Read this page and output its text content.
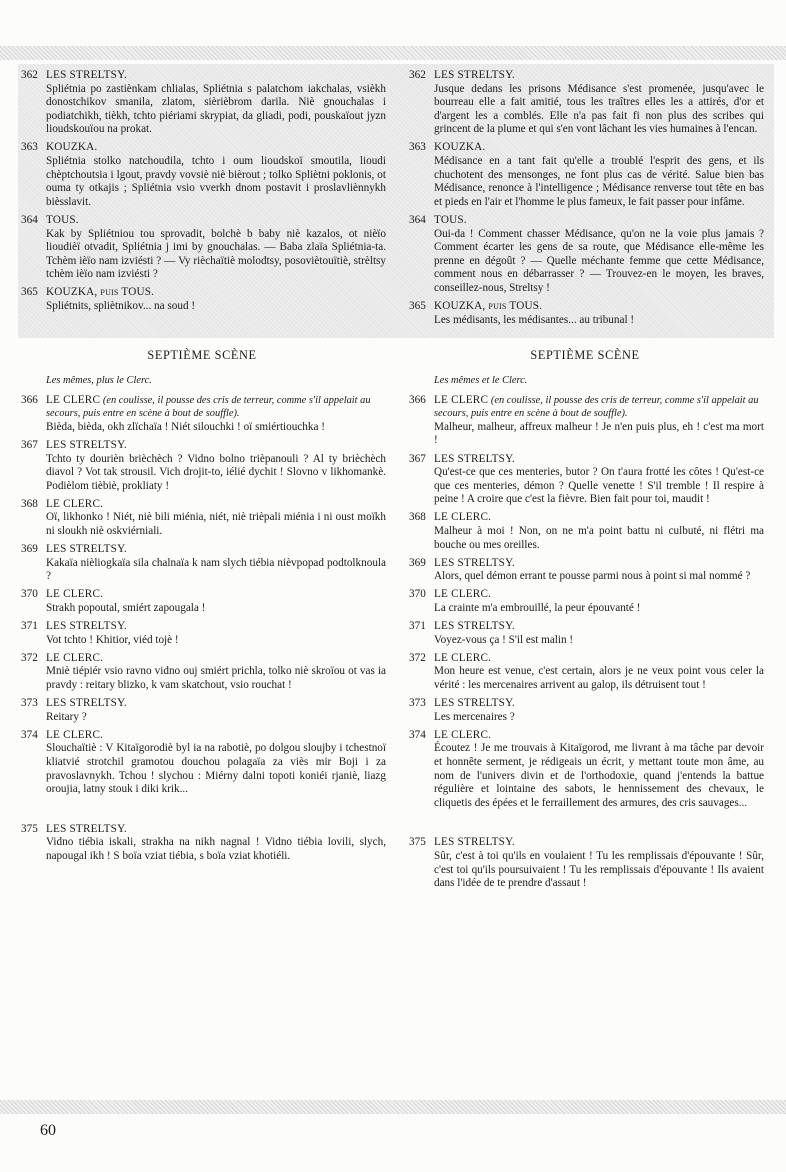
362 LES STRELTSY.
Spliétnia po zastiènkam chlialas, Spliétnia s palatchom iakchalas, vsièkh donostchikov smanila, zlatom, sièrièbrom darila. Niè gnouchalas i podiatchikh, tièkh, tchto piériami skrypiat, da gliadi, podi, pouskaïout jyzn lioudskouïou na prokat.
363 KOUZKA.
Spliétnia stolko natchoudila, tchto i oum lioudskoï smoutila, lioudi chèptchoutsia i lgout, pravdy vovsiè niè bièrout ; tolko Spliètni poklonis, ot ouma ty otkajis ; Spliétnia vsio vverkh dnom postavit i proslavliènnykh bièsslavit.
364 TOUS.
Kak by Spliétniou tou sprovadit, bolchè b baby niè kazalos, ot nièïo lioudièï otvadit, Spliétnia j imi by gnouchalas. — Baba zlaïa Spliétnia-ta. Tchèm ièïo nam izviésti ? — Vy rièchaïtiè molodtsy, posoviètouïtiè, strèltsy tchèm ièïo nam izviésti ?
365 KOUZKA, puis TOUS.
Spliétnits, spliètnikov... na soud !
362 LES STRELTSY.
Jusque dedans les prisons Médisance s'est promenée, jusqu'avec le bourreau elle a fait amitié, tous les traîtres elles les a attirés, d'or et d'argent les a comblés. Elle n'a pas fait fi non plus des scribes qui grincent de la plume et qui s'en vont lâchant les vies humaines à l'encan.
363 KOUZKA.
Médisance en a tant fait qu'elle a troublé l'esprit des gens, et ils chuchotent des mensonges, ne font plus cas de vérité. Salue bien bas Médisance, renonce à l'intelligence ; Médisance renverse tout tête en bas et pieds en l'air et l'homme le plus fameux, le fait passer pour infâme.
364 TOUS.
Oui-da ! Comment chasser Médisance, qu'on ne la voie plus jamais ? Comment écarter les gens de sa route, que Médisance elle-même les prenne en dégoût ? — Quelle méchante femme que cette Médisance, comment nous en débarrasser ? — Trouvez-en le moyen, les braves, conseillez-nous, Streltsy !
365 KOUZKA, puis TOUS.
Les médisants, les médisantes... au tribunal !
SEPTIÈME SCÈNE
Les mêmes, plus le Clerc.
SEPTIÈME SCÈNE
Les mêmes et le Clerc.
366 LE CLERC (en coulisse, il pousse des cris de terreur, comme s'il appelait au secours, puis entre en scène à bout de souffle).
Bièda, bièda, okh zlïchaïa ! Niét silouchki ! oï smiértiouchka !
367 LES STRELTSY.
Tchto ty dourièn brièchèch ? Vidno bolno trièpanouli ? Al ty brièchèch diavol ? Vot tak strousil. Vich drojit-to, iélié dychit ! Slovno v likhomankè. Podièlom tièbiè, prokliaty !
368 LE CLERC.
Oï, likhonko ! Niét, niè bili miénia, niét, niè trièpali miénia i ni oust moïkh ni sloukh niè oskviérniali.
369 LES STRELTSY.
Kakaïa nièliogkaïa sila chalnaïa k nam slych tiébia nièvpopad podtolknoula ?
370 LE CLERC.
Strakh popoutal, smiért zapougala !
371 LES STRELTSY.
Vot tchto ! Khitior, viéd tojè !
372 LE CLERC.
Mniè tiépiér vsio ravno vidno ouj smiért prichla, tolko niè skroïou ot vas ia pravdy : reitary blizko, k vam skatchout, vsio rouchat !
373 LES STRELTSY.
Reitary ?
374 LE CLERC.
Slouchaïtiè : V Kitaïgorodiè byl ia na rabotiè, po dolgou sloujby i tchestnoï kliatvié strotchil gramotou douchou polagaïa za viès mir Boji i za pravoslavnykh. Tchou ! slychou : Miérny dalni topoti koniéi rjaniè, liazg oroujia, latny stouk i diki krik...
375 LES STRELTSY.
Vidno tiébia iskali, strakha na nikh nagnal ! Vidno tiébia lovili, slych, napougal ikh ! S boïa vziat tiébia, s boïa vziat khotiéli.
366 LE CLERC (en coulisse, il pousse des cris de terreur, comme s'il appelait au secours, puis entre en scène à bout de souffle).
Malheur, malheur, affreux malheur ! Je n'en puis plus, eh ! c'est ma mort !
367 LES STRELTSY.
Qu'est-ce que ces menteries, butor ? On t'aura frotté les côtes ! Qu'est-ce que ces menteries, démon ? Quelle venette ! S'il tremble ! Il respire à peine ! A croire que c'est la fièvre. Bien fait pour toi, maudit !
368 LE CLERC.
Malheur à moi ! Non, on ne m'a point battu ni culbuté, ni flétri ma bouche ou mes oreilles.
369 LES STRELTSY.
Alors, quel démon errant te pousse parmi nous à point si mal nommé ?
370 LE CLERC.
La crainte m'a embrouillé, la peur épouvanté !
371 LES STRELTSY.
Voyez-vous ça ! S'il est malin !
372 LE CLERC.
Mon heure est venue, c'est certain, alors je ne veux point vous celer la vérité : les mercenaires arrivent au galop, ils détruisent tout !
373 LES STRELTSY.
Les mercenaires ?
374 LE CLERC.
Écoutez ! Je me trouvais à Kitaïgorod, me livrant à ma tâche par devoir et honnête serment, je rédigeais un écrit, y mettant toute mon âme, au nom de l'univers divin et de l'orthodoxie, quand j'entends la battue régulière et lointaine des sabots, le hennissement des chevaux, le cliquetis des épées et le ferraillement des armures, des cris sauvages...
375 LES STRELTSY.
Sûr, c'est à toi qu'ils en voulaient ! Tu les remplissais d'épouvante ! Sûr, c'est toi qu'ils poursuivaient ! Tu les remplissais d'épouvante ! Ils avaient dans l'idée de te prendre d'assaut !
60
